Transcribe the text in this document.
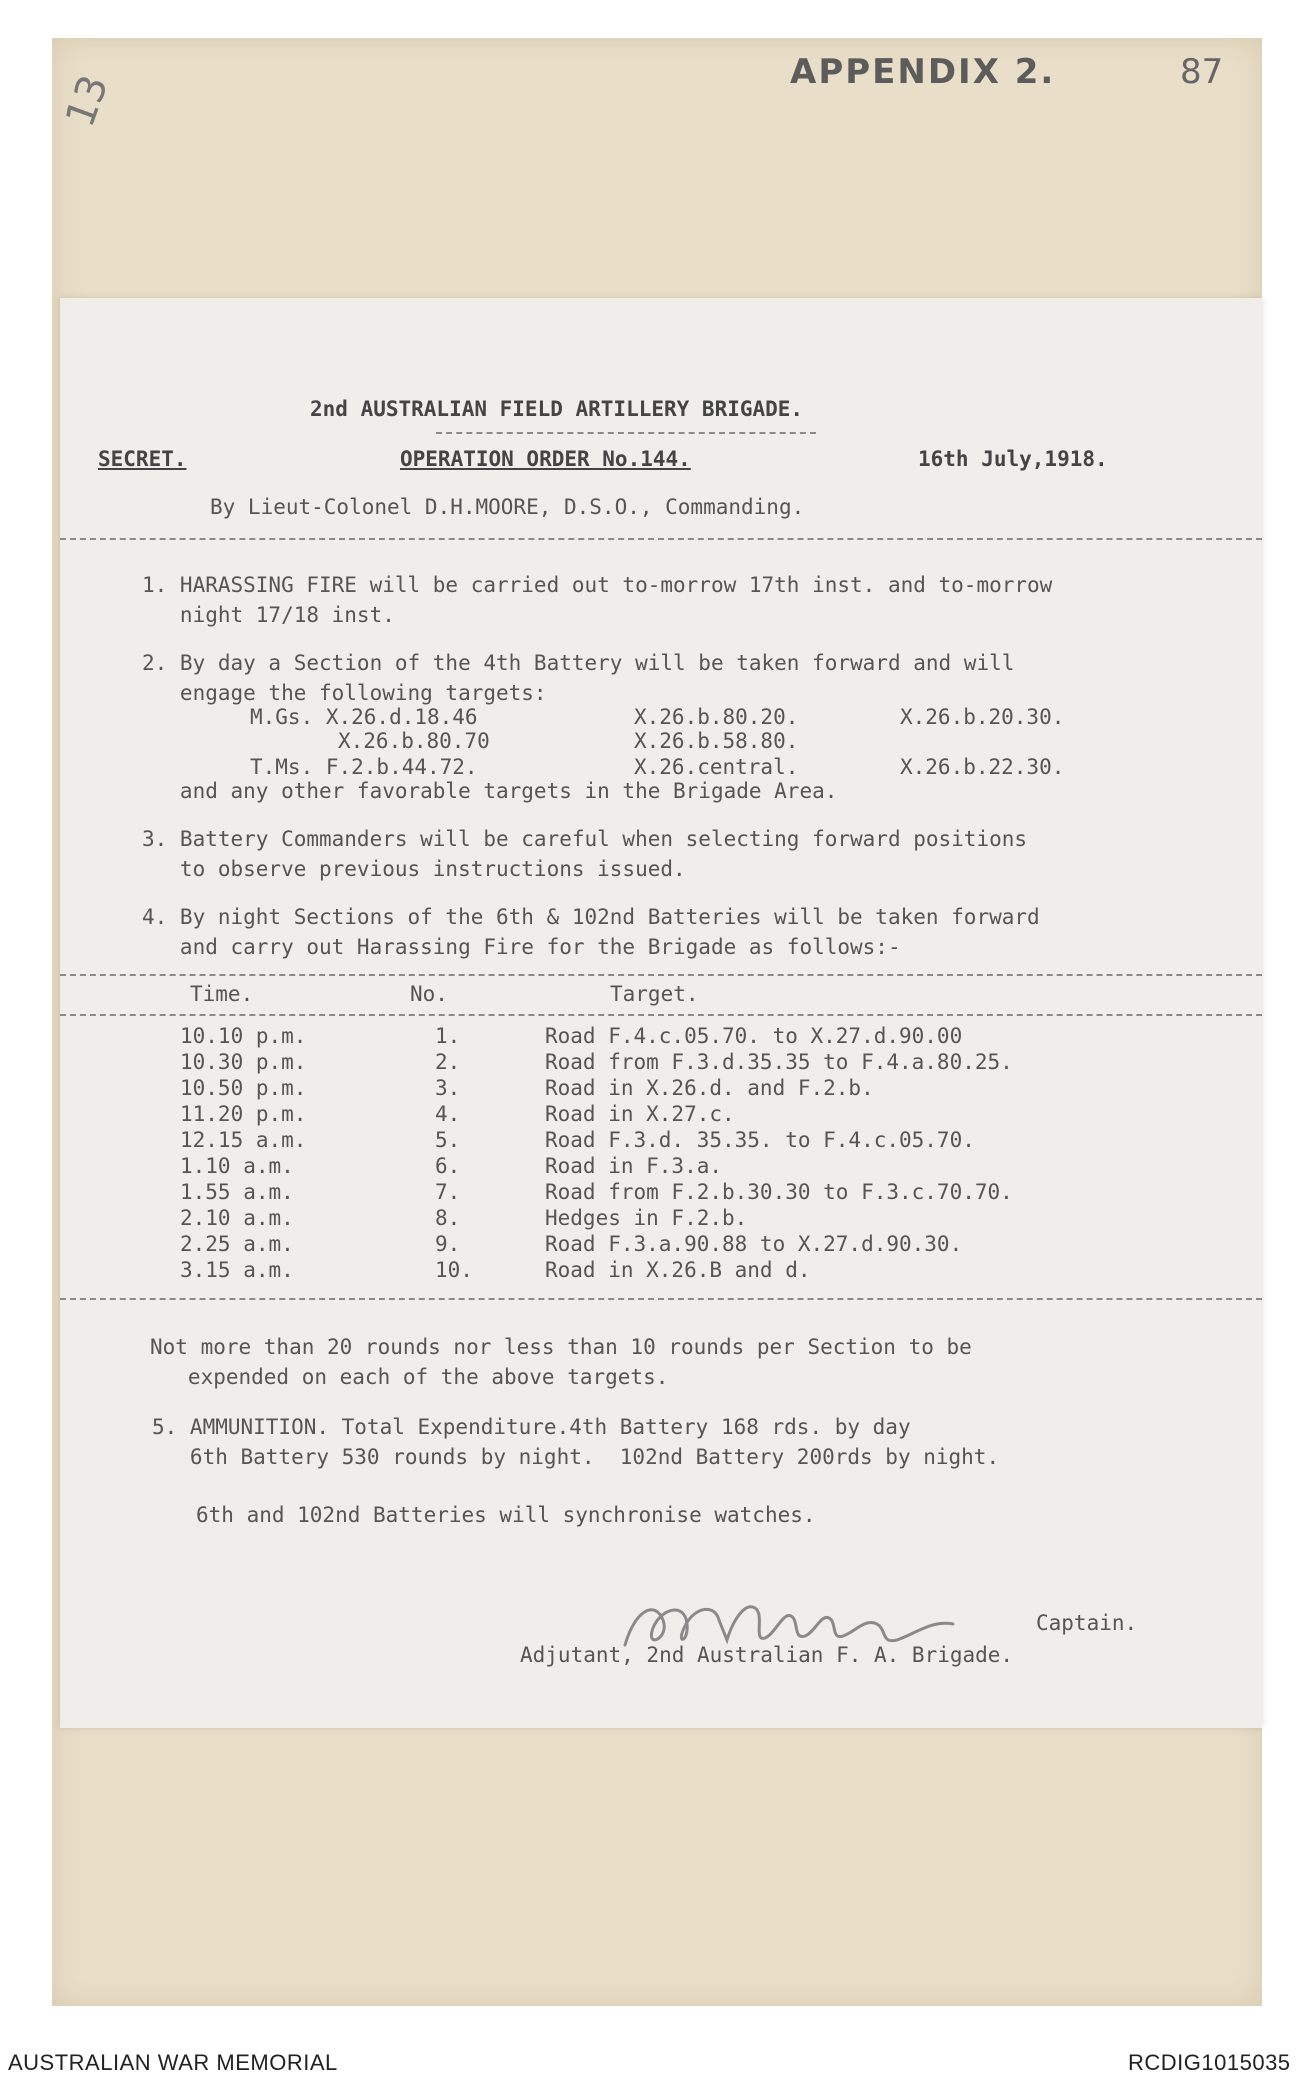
APPENDIX 2.	87
13
2nd AUSTRALIAN FIELD ARTILLERY BRIGADE.
SECRET.	OPERATION ORDER No.144.	16th July,1918.
By Lieut-Colonel D.H.MOORE, D.S.O., Commanding.
1. HARASSING FIRE will be carried out to-morrow 17th inst. and to-morrow
night 17/18 inst.
2. By day a Section of the 4th Battery will be taken forward and will
engage the following targets:
M.Gs. X.26.d.18.46	X.26.b.80.20.	X.26.b.20.30.
X.26.b.80.70	X.26.b.58.80.
T.Ms. F.2.b.44.72.	X.26.central.	X.26.b.22.30.
and any other favorable targets in the Brigade Area.
3. Battery Commanders will be careful when selecting forward positions
to observe previous instructions issued.
4. By night Sections of the 6th & 102nd Batteries will be taken forward
and carry out Harassing Fire for the Brigade as follows:-
Time.	No.	Target.
10.10 p.m.	1.	Road F.4.c.05.70. to X.27.d.90.00
10.30 p.m.	2.	Road from F.3.d.35.35 to F.4.a.80.25.
10.50 p.m.	3.	Road in X.26.d. and F.2.b.
11.20 p.m.	4.	Road in X.27.c.
12.15 a.m.	5.	Road F.3.d. 35.35. to F.4.c.05.70.
1.10 a.m.	6.	Road in F.3.a.
1.55 a.m.	7.	Road from F.2.b.30.30 to F.3.c.70.70.
2.10 a.m.	8.	Hedges in F.2.b.
2.25 a.m.	9.	Road F.3.a.90.88 to X.27.d.90.30.
3.15 a.m.	10.	Road in X.26.B and d.
Not more than 20 rounds nor less than 10 rounds per Section to be
expended on each of the above targets.
5. AMMUNITION. Total Expenditure.4th Battery 168 rds. by day
6th Battery 530 rounds by night.  102nd Battery 200rds by night.
6th and 102nd Batteries will synchronise watches.
Captain.
Adjutant, 2nd Australian F. A. Brigade.
AUSTRALIAN WAR MEMORIAL	RCDIG1015035
